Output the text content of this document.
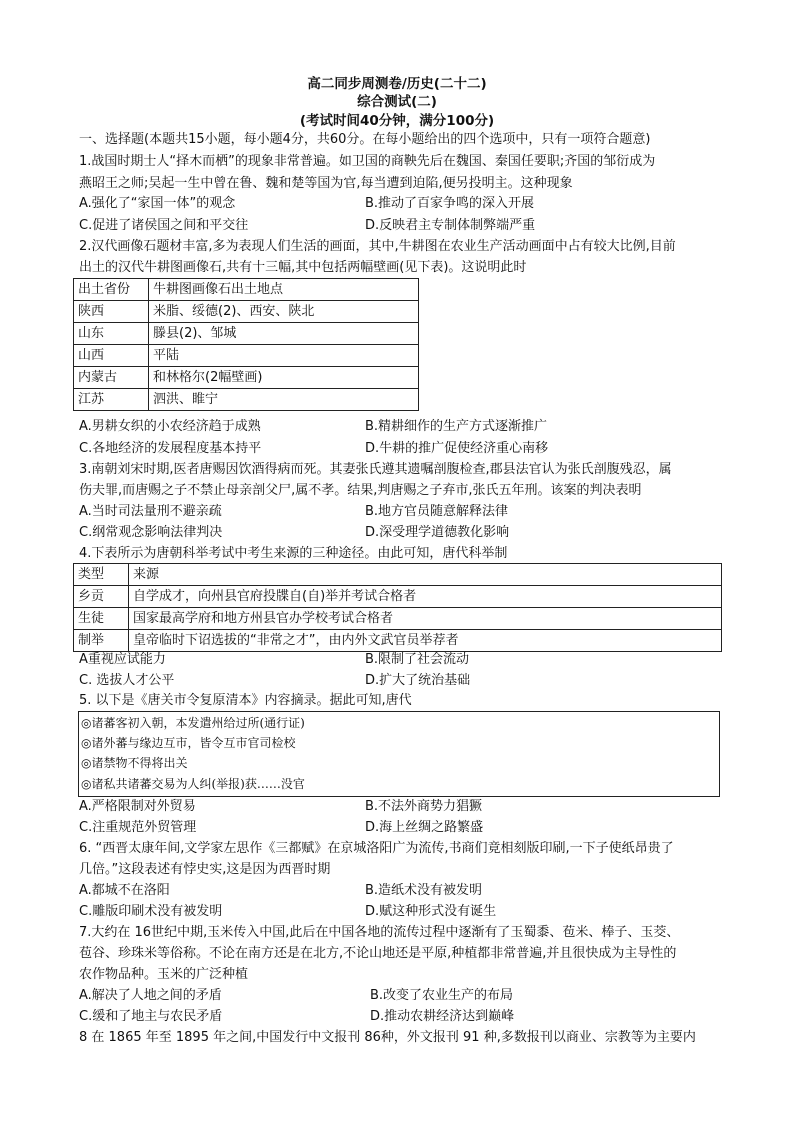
高二同步周测卷/历史(二十二)
综合测试(二)
(考试时间40分钟，满分100分)
一、选择题(本题共15小题，每小题4分，共60分。在每小题给出的四个选项中，只有一项符合题意)
1.战国时期士人“择木而栖”的现象非常普遍。如卫国的商鞅先后在魏国、秦国任要职;齐国的邹衍成为
燕昭王之师;吴起一生中曾在鲁、魏和楚等国为官,每当遭到迫陷,便另投明主。这种现象
A.强化了“家国一体”的观念	B.推动了百家争鸣的深入开展
C.促进了诸侯国之间和平交往	D.反映君主专制体制弊端严重
2.汉代画像石题材丰富,多为表现人们生活的画面，其中,牛耕图在农业生产活动画面中占有较大比例,目前
出土的汉代牛耕图画像石,共有十三幅,其中包括两幅壁画(见下表)。这说明此时
出土省份	牛耕图画像石出土地点
陕西	米脂、绥德(2)、西安、陕北
山东	滕县(2)、邹城
山西	平陆
内蒙古	和林格尔(2幅壁画)
江苏	泗洪、睢宁
A.男耕女织的小农经济趋于成熟	B.精耕细作的生产方式逐渐推广
C.各地经济的发展程度基本持平	D.牛耕的推广促使经济重心南移
3.南朝刘宋时期,医者唐赐因饮酒得病而死。其妻张氏遵其遗嘱剖腹检查,郡县法官认为张氏剖腹残忍，属
伤夫罪,而唐赐之子不禁止母亲剖父尸,属不孝。结果,判唐赐之子弃市,张氏五年刑。该案的判决表明
A.当时司法量刑不避亲疏	B.地方官员随意解释法律
C.纲常观念影响法律判决	D.深受理学道德教化影响
4.下表所示为唐朝科举考试中考生来源的三种途径。由此可知，唐代科举制
类型	来源
乡贡	自学成才，向州县官府投牒自(自)举并考试合格者
生徒	国家最高学府和地方州县官办学校考试合格者
制举	皇帝临时下诏选拔的“非常之才”，由内外文武官员举荐者
A重视应试能力	B.限制了社会流动
C. 选拔人才公平	D.扩大了统治基础
5. 以下是《唐关市令复原清本》内容摘录。据此可知,唐代
◎诸蕃客初入朝，本发遣州给过所(通行证)
◎诸外蕃与缘边互市，皆令互市官司检校
◎诸禁物不得将出关
◎诸私共诸蕃交易为人纠(举报)获……没官
A.严格限制对外贸易	B.不法外商势力猖獗
C.注重规范外贸管理	D.海上丝绸之路繁盛
6. “西晋太康年间,文学家左思作《三都赋》在京城洛阳广为流传,书商们竟相刻版印刷,一下子使纸昂贵了
几倍。”这段表述有悖史实,这是因为西晋时期
A.都城不在洛阳	B.造纸术没有被发明
C.雕版印刷术没有被发明	D.赋这种形式没有诞生
7.大约在 16世纪中期,玉米传入中国,此后在中国各地的流传过程中逐渐有了玉蜀黍、苞米、棒子、玉茭、
苞谷、珍珠米等俗称。不论在南方还是在北方,不论山地还是平原,种植都非常普遍,并且很快成为主导性的
农作物品种。玉米的广泛种植
A.解决了人地之间的矛盾	B.改变了农业生产的布局
C.缓和了地主与农民矛盾	D.推动农耕经济达到巅峰
8 在 1865 年至 1895 年之间,中国发行中文报刊 86种，外文报刊 91 种,多数报刊以商业、宗教等为主要内
